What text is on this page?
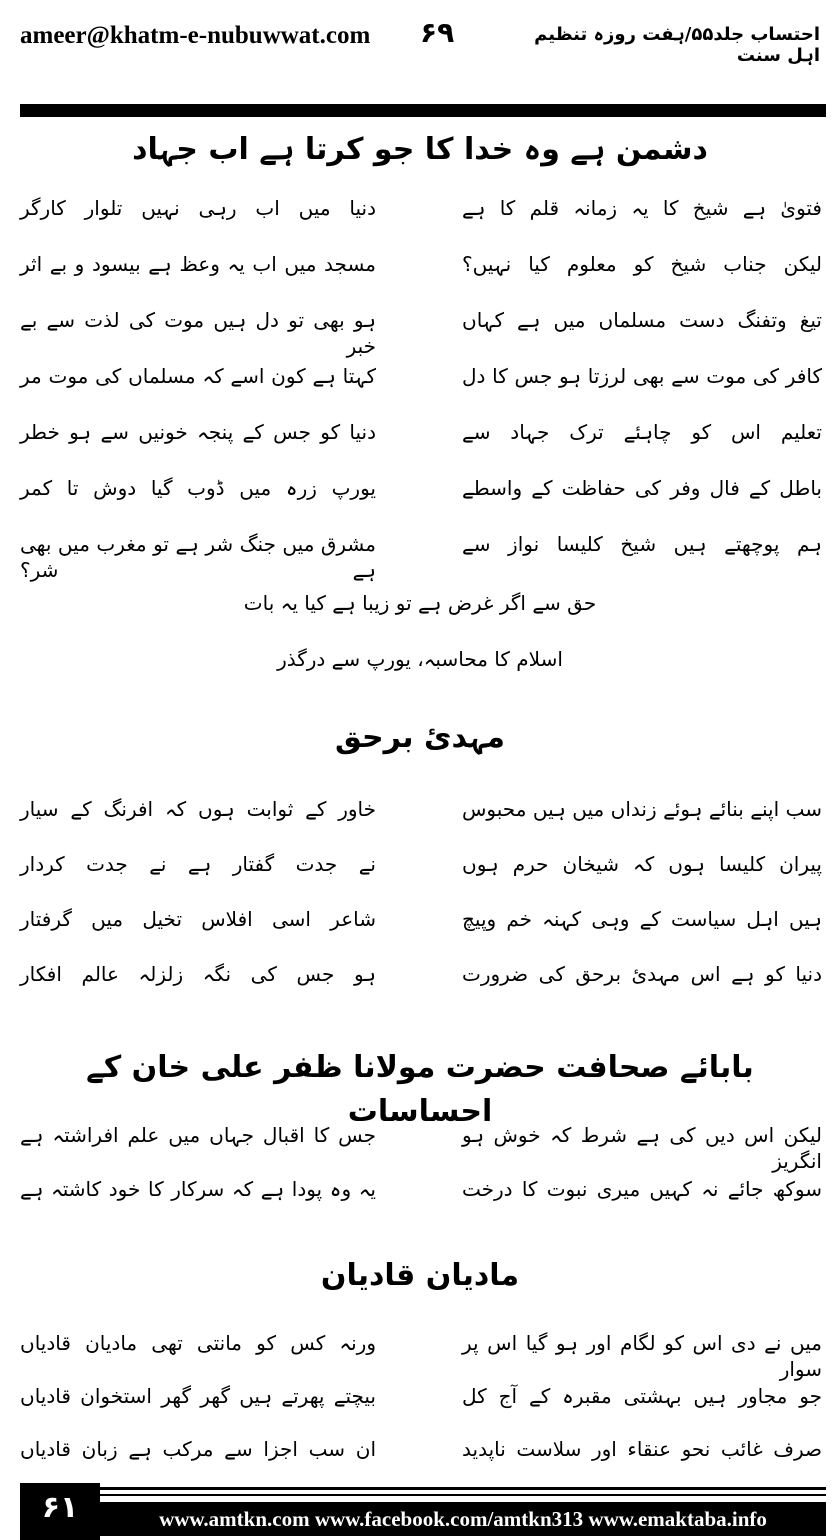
احتساب جلد۵۵/ہفت روزہ تنظیم اہل سنت
۶۹
ameer@khatm-e-nubuwwat.com
دشمن ہے وہ خدا کا جو کرتا ہے اب جہاد
فتویٰ ہے شیخ کا یہ زمانہ قلم کا ہے
دنیا میں اب رہی نہیں تلوار کارگر
لیکن جناب شیخ کو معلوم کیا نہیں؟
مسجد میں اب یہ وعظ ہے بیسود و بے اثر
تیغ وتفنگ دست مسلماں میں ہے کہاں
ہو بھی تو دل ہیں موت کی لذت سے بے خبر
کافر کی موت سے بھی لرزتا ہو جس کا دل
کہتا ہے کون اسے کہ مسلماں کی موت مر
تعلیم اس کو چاہئے ترک جہاد سے
دنیا کو جس کے پنجہ خونیں سے ہو خطر
باطل کے فال وفر کی حفاظت کے واسطے
یورپ زرہ میں ڈوب گیا دوش تا کمر
ہم پوچھتے ہیں شیخ کلیسا نواز سے
مشرق میں جنگ شر ہے تو مغرب میں بھی ہے شر؟
حق سے اگر غرض ہے تو زیبا ہے کیا یہ بات
اسلام کا محاسبہ، یورپ سے درگذر
مہدیٔ برحق
سب اپنے بنائے ہوئے زنداں میں ہیں محبوس
خاور کے ثوابت ہوں کہ افرنگ کے سیار
پیران کلیسا ہوں کہ شیخان حرم ہوں
نے جدت گفتار ہے نے جدت کردار
ہیں اہل سیاست کے وہی کہنہ خم وپیچ
شاعر اسی افلاس تخیل میں گرفتار
دنیا کو ہے اس مہدیٔ برحق کی ضرورت
ہو جس کی نگہ زلزلہ عالم افکار
بابائے صحافت حضرت مولانا ظفر علی خان کے احساسات
لیکن اس دیں کی ہے شرط کہ خوش ہو انگریز
جس کا اقبال جہاں میں علم افراشتہ ہے
سوکھ جائے نہ کہیں میری نبوت کا درخت
یہ وہ پودا ہے کہ سرکار کا خود کاشتہ ہے
مادیان قادیان
میں نے دی اس کو لگام اور ہو گیا اس پر سوار
ورنہ کس کو مانتی تھی مادیان قادیاں
جو مجاور ہیں بہشتی مقبرہ کے آج کل
بیچتے پھرتے ہیں گھر گھر استخوان قادیاں
صرف غائب نحو عنقاء اور سلاست ناپدید
ان سب اجزا سے مرکب ہے زبان قادیاں
۶۱	www.amtkn.com www.facebook.com/amtkn313 www.emaktaba.info
